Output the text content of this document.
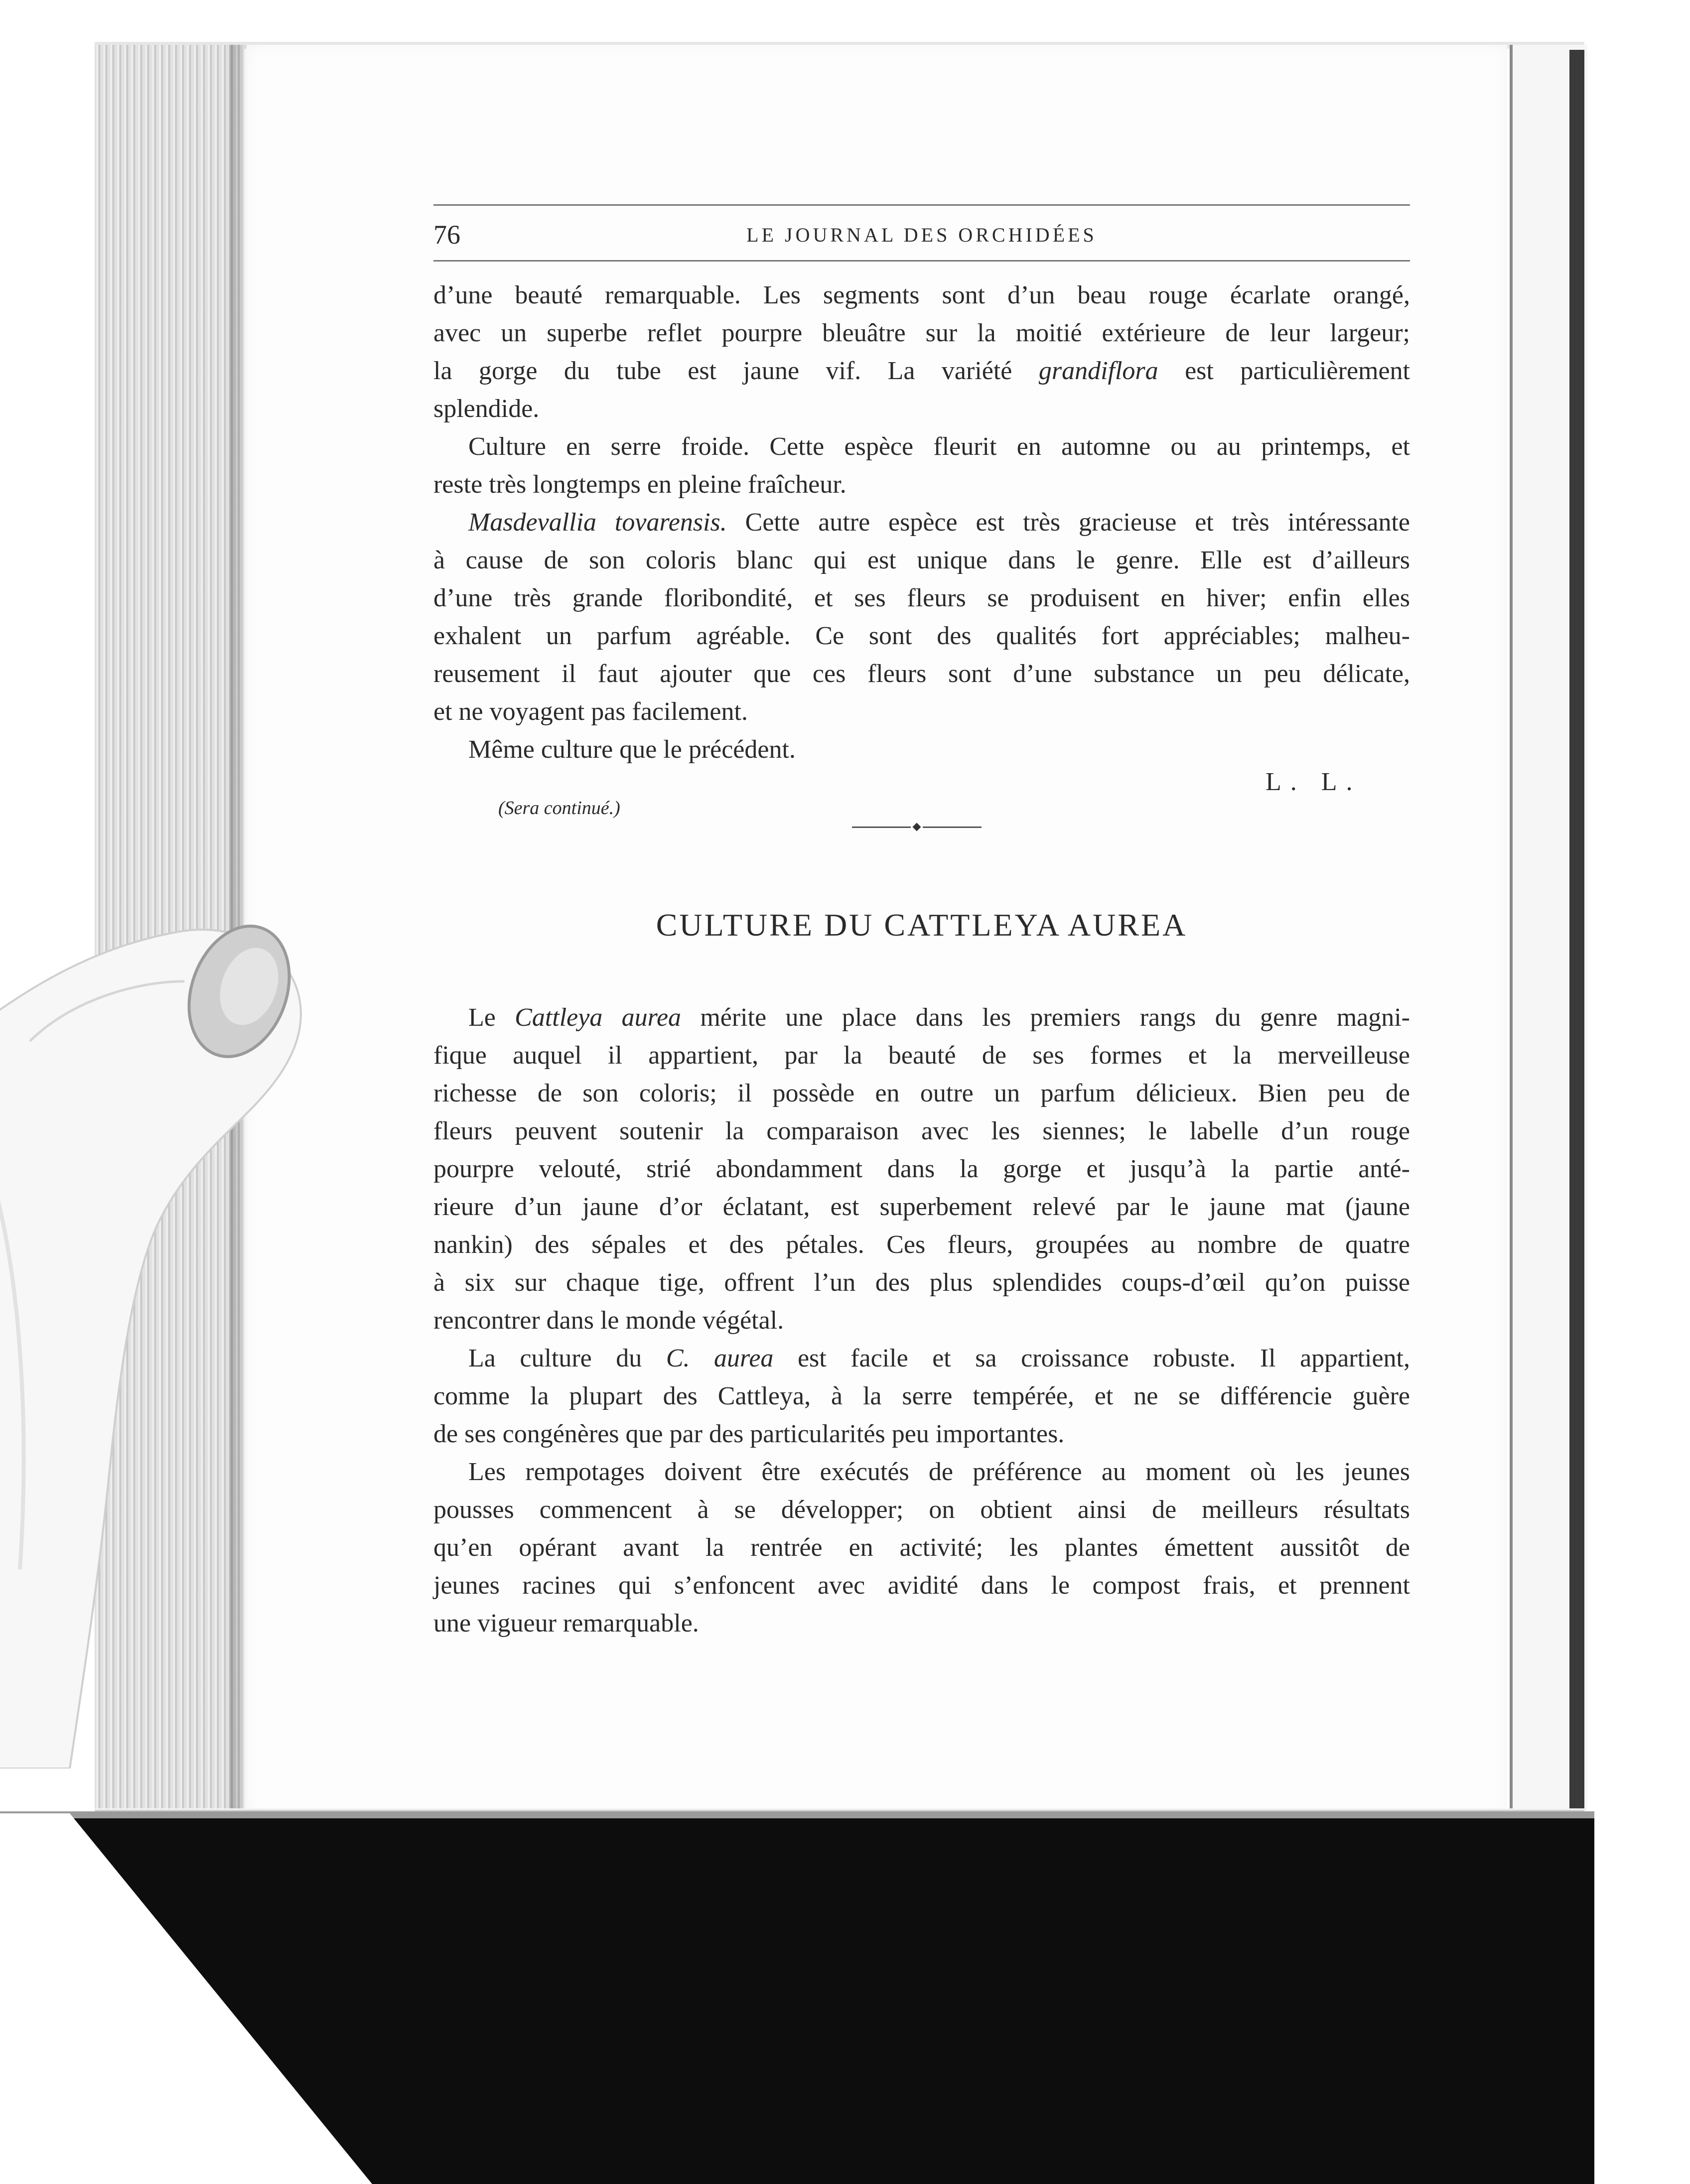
76	LE JOURNAL DES ORCHIDÉES
d’une beauté remarquable. Les segments sont d’un beau rouge écarlate orangé,
avec un superbe reflet pourpre bleuâtre sur la moitié extérieure de leur largeur;
la gorge du tube est jaune vif. La variété grandiflora est particulièrement
splendide.
Culture en serre froide. Cette espèce fleurit en automne ou au printemps, et
reste très longtemps en pleine fraîcheur.
Masdevallia tovarensis. Cette autre espèce est très gracieuse et très intéressante
à cause de son coloris blanc qui est unique dans le genre. Elle est d’ailleurs
d’une très grande floribondité, et ses fleurs se produisent en hiver; enfin elles
exhalent un parfum agréable. Ce sont des qualités fort appréciables; malheu-
reusement il faut ajouter que ces fleurs sont d’une substance un peu délicate,
et ne voyagent pas facilement.
Même culture que le précédent.
L. L.
(Sera continué.)
CULTURE DU CATTLEYA AUREA
Le Cattleya aurea mérite une place dans les premiers rangs du genre magni-
fique auquel il appartient, par la beauté de ses formes et la merveilleuse
richesse de son coloris; il possède en outre un parfum délicieux. Bien peu de
fleurs peuvent soutenir la comparaison avec les siennes; le labelle d’un rouge
pourpre velouté, strié abondamment dans la gorge et jusqu’à la partie anté-
rieure d’un jaune d’or éclatant, est superbement relevé par le jaune mat (jaune
nankin) des sépales et des pétales. Ces fleurs, groupées au nombre de quatre
à six sur chaque tige, offrent l’un des plus splendides coups-d’œil qu’on puisse
rencontrer dans le monde végétal.
La culture du C. aurea est facile et sa croissance robuste. Il appartient,
comme la plupart des Cattleya, à la serre tempérée, et ne se différencie guère
de ses congénères que par des particularités peu importantes.
Les rempotages doivent être exécutés de préférence au moment où les jeunes
pousses commencent à se développer; on obtient ainsi de meilleurs résultats
qu’en opérant avant la rentrée en activité; les plantes émettent aussitôt de
jeunes racines qui s’enfoncent avec avidité dans le compost frais, et prennent
une vigueur remarquable.
